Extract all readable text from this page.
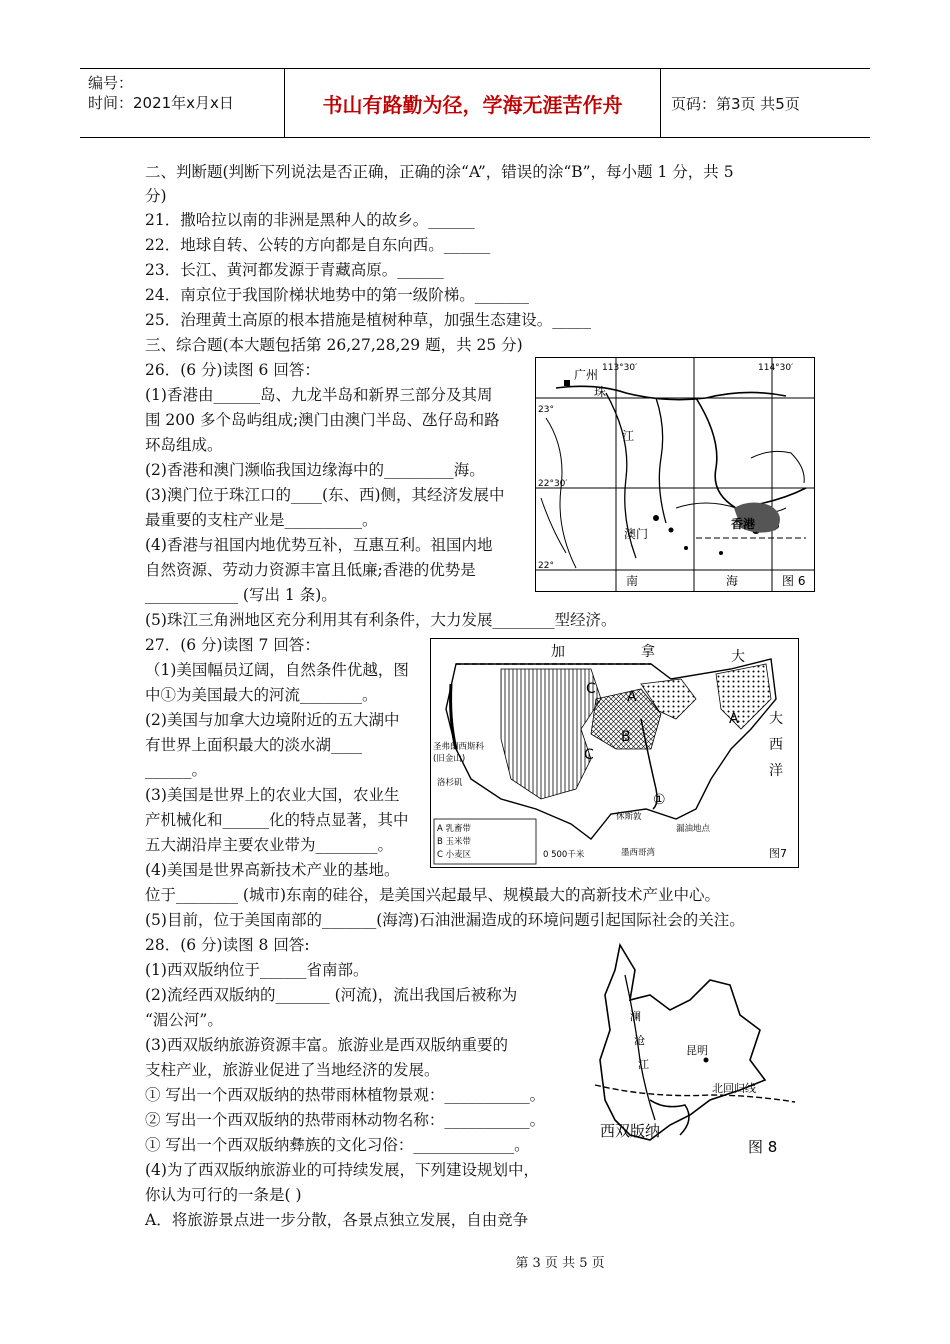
编号：
时间：2021年x月x日	书山有路勤为径，学海无涯苦作舟	页码：第3页 共5页
二、判断题(判断下列说法是否正确，正确的涂“A”，错误的涂“B”，每小题 1 分，共 5
分)
21．撒哈拉以南的非洲是黑种人的故乡。______
22．地球自转、公转的方向都是自东向西。______
23．长江、黄河都发源于青藏高原。______
24．南京位于我国阶梯状地势中的第一级阶梯。_______
25．治理黄土高原的根本措施是植树种草，加强生态建设。_____
三、综合题(本大题包括第 26,27,28,29 题，共 25 分)
26．(6 分)读图 6 回答：
(1)香港由______岛、九龙半岛和新界三部分及其周
围 200 多个岛屿组成;澳门由澳门半岛、氹仔岛和路
环岛组成。
(2)香港和澳门濒临我国边缘海中的_________海。
(3)澳门位于珠江口的____(东、西)侧，其经济发展中
最重要的支柱产业是__________。
(4)香港与祖国内地优势互补，互惠互利。祖国内地
自然资源、劳动力资源丰富且低廉;香港的优势是
____________ (写出 1 条)。
(5)珠江三角洲地区充分利用其有利条件，大力发展________型经济。
27．(6 分)读图 7 回答：
（1)美国幅员辽阔，自然条件优越，图
中①为美国最大的河流________。
(2)美国与加拿大边境附近的五大湖中
有世界上面积最大的淡水湖____
______。
(3)美国是世界上的农业大国，农业生
产机械化和______化的特点显著，其中
五大湖沿岸主要农业带为________。
(4)美国是世界高新技术产业的基地。
位于________ (城市)东南的硅谷，是美国兴起最早、规模最大的高新技术产业中心。
(5)目前，位于美国南部的_______(海湾)石油泄漏造成的环境问题引起国际社会的关注。
28．(6 分)读图 8 回答:
(1)西双版纳位于______省南部。
(2)流经西双版纳的_______ (河流)，流出我国后被称为
“湄公河”。
(3)西双版纳旅游资源丰富。旅游业是西双版纳重要的
支柱产业，旅游业促进了当地经济的发展。
① 写出一个西双版纳的热带雨林植物景观：___________。
② 写出一个西双版纳的热带雨林动物名称：___________。
① 写出一个西双版纳彝族的文化习俗：_____________。
(4)为了西双版纳旅游业的可持续发展，下列建设规划中，
你认为可行的一条是( )
A．将旅游景点进一步分散，各景点独立发展，自由竞争
113°30′	114°30′
23°
22°30′
22°
广州
珠
江
澳门
香港
南	海	图 6
A 乳畜带
B 玉米带
C 小麦区	0 500千米
圣弗朗西斯科
(旧金山)
洛杉矶
休斯敦
漏油地点
墨西哥湾
加	拿	大
大
西
洋
A
A
B
C
C
①
图7
澜
沧
江
昆明
北回归线
西双版纳
图 8
第 3 页 共 5 页
